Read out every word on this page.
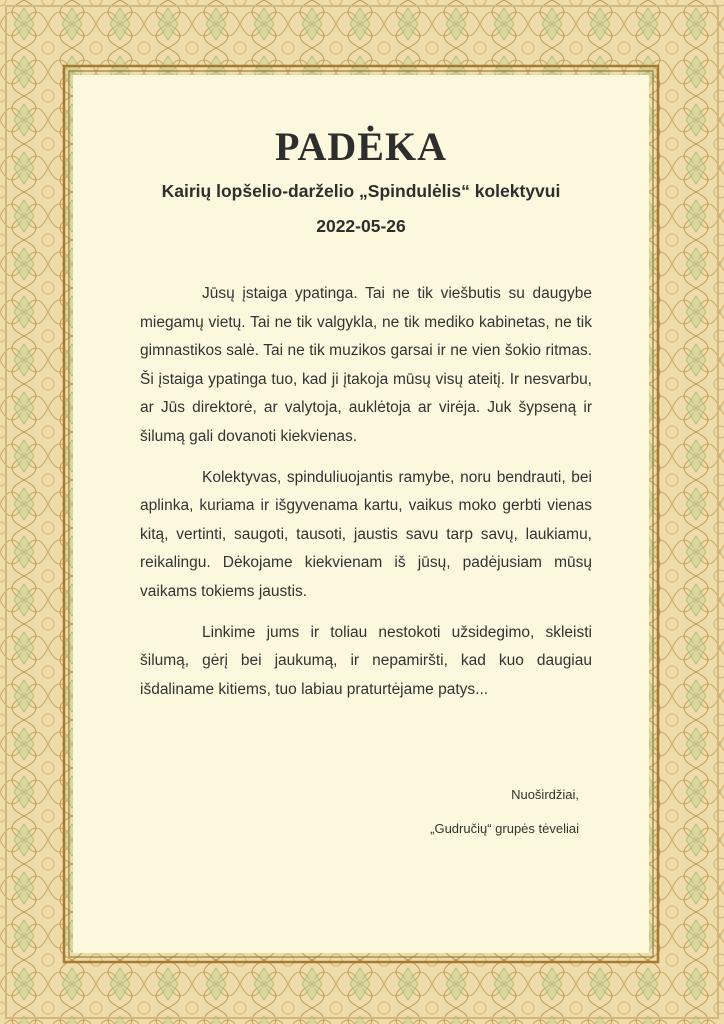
PADĖKA
Kairių lopšelio-darželio „Spindulėlis“ kolektyvui
2022-05-26

Jūsų įstaiga ypatinga. Tai ne tik viešbutis su daugybe miegamų vietų. Tai ne tik valgykla, ne tik mediko kabinetas, ne tik gimnastikos salė. Tai ne tik muzikos garsai ir ne vien šokio ritmas. Ši įstaiga ypatinga tuo, kad ji įtakoja mūsų visų ateitį. Ir nesvarbu, ar Jūs direktorė, ar valytoja, auklėtoja ar virėja. Juk šypseną ir šilumą gali dovanoti kiekvienas.

Kolektyvas, spinduliuojantis ramybe, noru bendrauti, bei aplinka, kuriama ir išgyvenama kartu, vaikus moko gerbti vienas kitą, vertinti, saugoti, tausoti, jaustis savu tarp savų, laukiamu, reikalingu. Dėkojame kiekvienam iš jūsų, padėjusiam mūsų vaikams tokiems jaustis.

Linkime jums ir toliau nestokoti užsidegimo, skleisti šilumą, gėrį bei jaukumą, ir nepamiršti, kad kuo daugiau išdaliname kitiems, tuo labiau praturtėjame patys...

Nuoširdžiai,
„Gudručių“ grupės tėveliai
